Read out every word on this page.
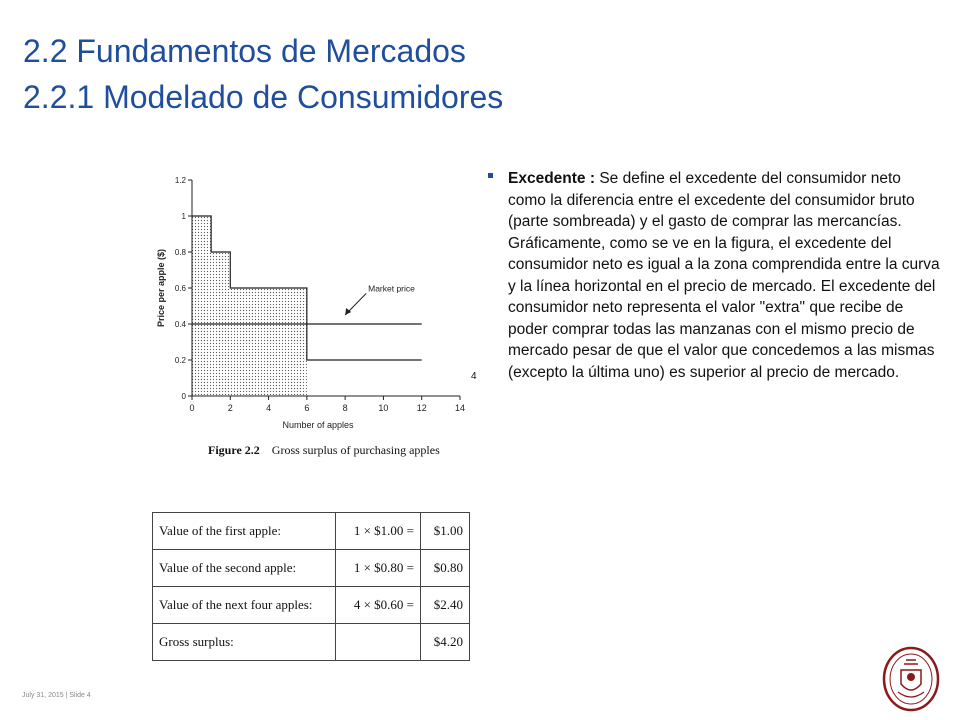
2.2 Fundamentos de Mercados
2.2.1 Modelado de Consumidores
0	2	4	6	8	10	12	14
0
0.2
0.4
0.6
0.8
1
1.2
Market price
Number of apples
Price per apple ($)
Figure 2.2 Gross surplus of purchasing apples
Excedente : Se define el excedente del consumidor neto como la diferencia entre el excedente del consumidor bruto (parte sombreada) y el gasto de comprar las mercancías. Gráficamente, como se ve en la figura, el excedente del consumidor neto es igual a la zona comprendida entre la curva y la línea horizontal en el precio de mercado. El excedente del consumidor neto representa el valor "extra" que recibe de poder comprar todas las manzanas con el mismo precio de mercado pesar de que el valor que concedemos a las mismas (excepto la última uno) es superior al precio de mercado.
4
Value of the first apple:	1 × $1.00 =	$1.00
Value of the second apple:	1 × $0.80 =	$0.80
Value of the next four apples:	4 × $0.60 =	$2.40
Gross surplus:		$4.20
July 31, 2015 | Slide 4
